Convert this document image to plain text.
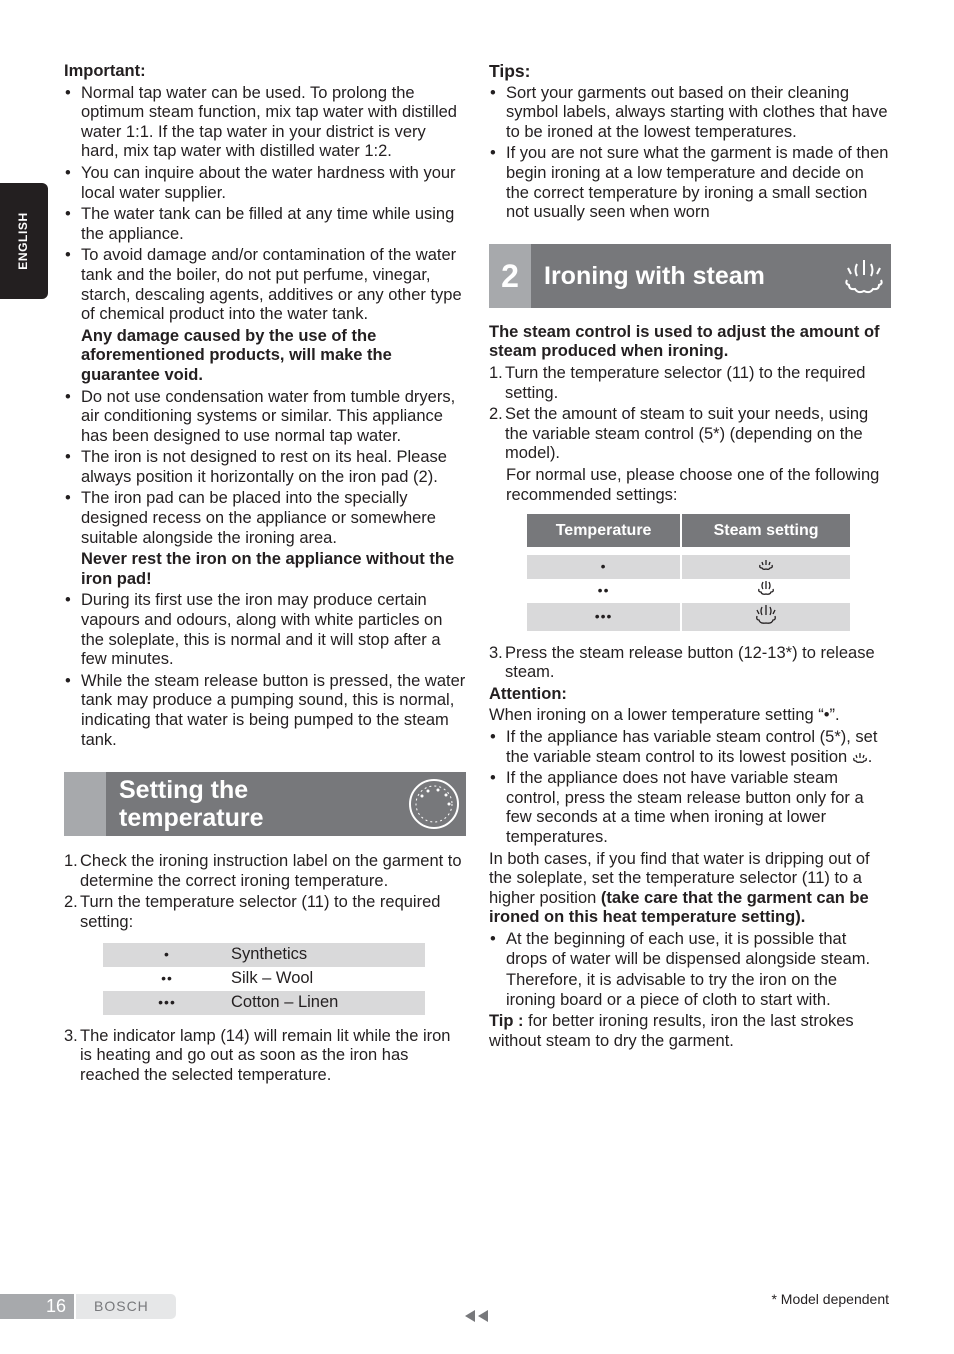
ENGLISH

Important:

• Normal tap water can be used. To prolong the optimum steam function, mix tap water with distilled water 1:1. If the tap water in your district is very hard, mix tap water with distilled water 1:2.
• You can inquire about the water hardness with your local water supplier.
• The water tank can be filled at any time while using the appliance.
• To avoid damage and/or contamination of the water tank and the boiler, do not put perfume, vinegar, starch, descaling agents, additives or any other type of chemical product into the water tank.
Any damage caused by the use of the aforementioned products, will make the guarantee void.
• Do not use condensation water from tumble dryers, air conditioning systems or similar. This appliance has been designed to use normal tap water.
• The iron is not designed to rest on its heal. Please always position it horizontally on the iron pad (2).
• The iron pad can be placed into the specially designed recess on the appliance or somewhere suitable alongside the ironing area.
Never rest the iron on the appliance without the iron pad!
• During its first use the iron may produce certain vapours and odours, along with white particles on the soleplate, this is normal and it will stop after a few minutes.
• While the steam release button is pressed, the water tank may produce a pumping sound, this is normal, indicating that water is being pumped to the steam tank.
Setting the
temperature
1. Check the ironing instruction label on the garment to determine the correct ironing temperature.
2. Turn the temperature selector (11) to the required setting:
•	Synthetics
••	Silk – Wool
•••	Cotton – Linen
3. The indicator lamp (14) will remain lit while the iron is heating and go out as soon as the iron has reached the selected temperature.

Tips:

• Sort your garments out based on their cleaning symbol labels, always starting with clothes that have to be ironed at the lowest temperatures.
• If you are not sure what the garment is made of then begin ironing at a low temperature and decide on the correct temperature by ironing a small section not usually seen when worn
2	Ironing with steam
The steam control is used to adjust the amount of steam produced when ironing.
1. Turn the temperature selector (11) to the required setting.
2. Set the amount of steam to suit your needs, using the variable steam control (5*) (depending on the model).
For normal use, please choose one of the following recommended settings:
Temperature	Steam setting

•	
••	
•••	
3. Press the steam release button (12-13*) to release steam.
Attention:
When ironing on a lower temperature setting “•”.
• If the appliance has variable steam control (5*), set the variable steam control to its lowest position .
• If the appliance does not have variable steam control, press the steam release button only for a few seconds at a time when ironing at lower temperatures.
In both cases, if you find that water is dripping out of the soleplate, set the temperature selector (11) to a higher position (take care that the garment can be ironed on this heat temperature setting).
• At the beginning of each use, it is possible that drops of water will be dispensed alongside steam.
Therefore, it is advisable to try the iron on the ironing board or a piece of cloth to start with.
Tip : for better ironing results, iron the last strokes without steam to dry the garment.
16	BOSCH	* Model dependent
